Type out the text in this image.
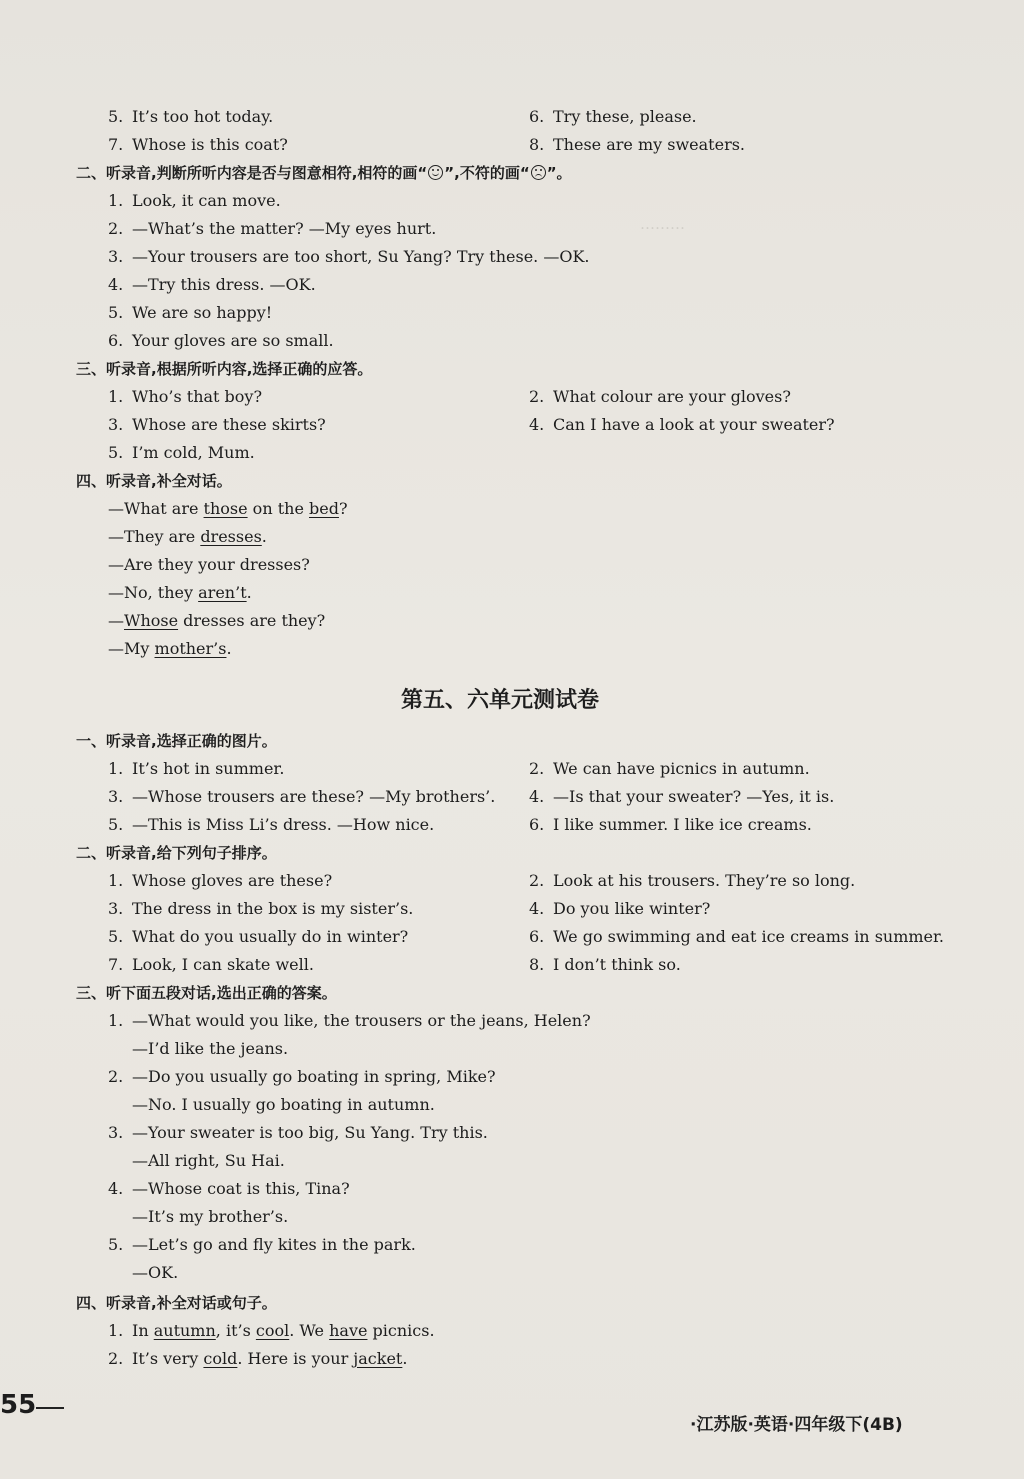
………
5. It’s too hot today.	6. Try these, please.
7. Whose is this coat?	8. These are my sweaters.
二、听录音,判断所听内容是否与图意相符,相符的画“ ”,不符的画“ ”。
1. Look, it can move.
2. —What’s the matter? —My eyes hurt.
3. —Your trousers are too short, Su Yang? Try these. —OK.
4. —Try this dress. —OK.
5. We are so happy!
6. Your gloves are so small.
三、听录音,根据所听内容,选择正确的应答。
1. Who’s that boy?	2. What colour are your gloves?
3. Whose are these skirts?	4. Can I have a look at your sweater?
5. I’m cold, Mum.
四、听录音,补全对话。
—What are those on the bed?
—They are dresses.
—Are they your dresses?
—No, they aren’t.
—Whose dresses are they?
—My mother’s.
第五、六单元测试卷
一、听录音,选择正确的图片。
1. It’s hot in summer.	2. We can have picnics in autumn.
3. —Whose trousers are these? —My brothers’. 4. —Is that your sweater? —Yes, it is.
5. —This is Miss Li’s dress. —How nice.	6. I like summer. I like ice creams.
二、听录音,给下列句子排序。
1. Whose gloves are these?	2. Look at his trousers. They’re so long.
3. The dress in the box is my sister’s.	4. Do you like winter?
5. What do you usually do in winter?	6. We go swimming and eat ice creams in summer.
7. Look, I can skate well.	8. I don’t think so.
三、听下面五段对话,选出正确的答案。
1. —What would you like, the trousers or the jeans, Helen?
—I’d like the jeans.
2. —Do you usually go boating in spring, Mike?
—No. I usually go boating in autumn.
3. —Your sweater is too big, Su Yang. Try this.
—All right, Su Hai.
4. —Whose coat is this, Tina?
—It’s my brother’s.
5. —Let’s go and fly kites in the park.
—OK.
四、听录音,补全对话或句子。
1. In autumn, it’s cool. We have picnics.
2. It’s very cold. Here is your jacket.
55
·江苏版·英语·四年级下(4B)
